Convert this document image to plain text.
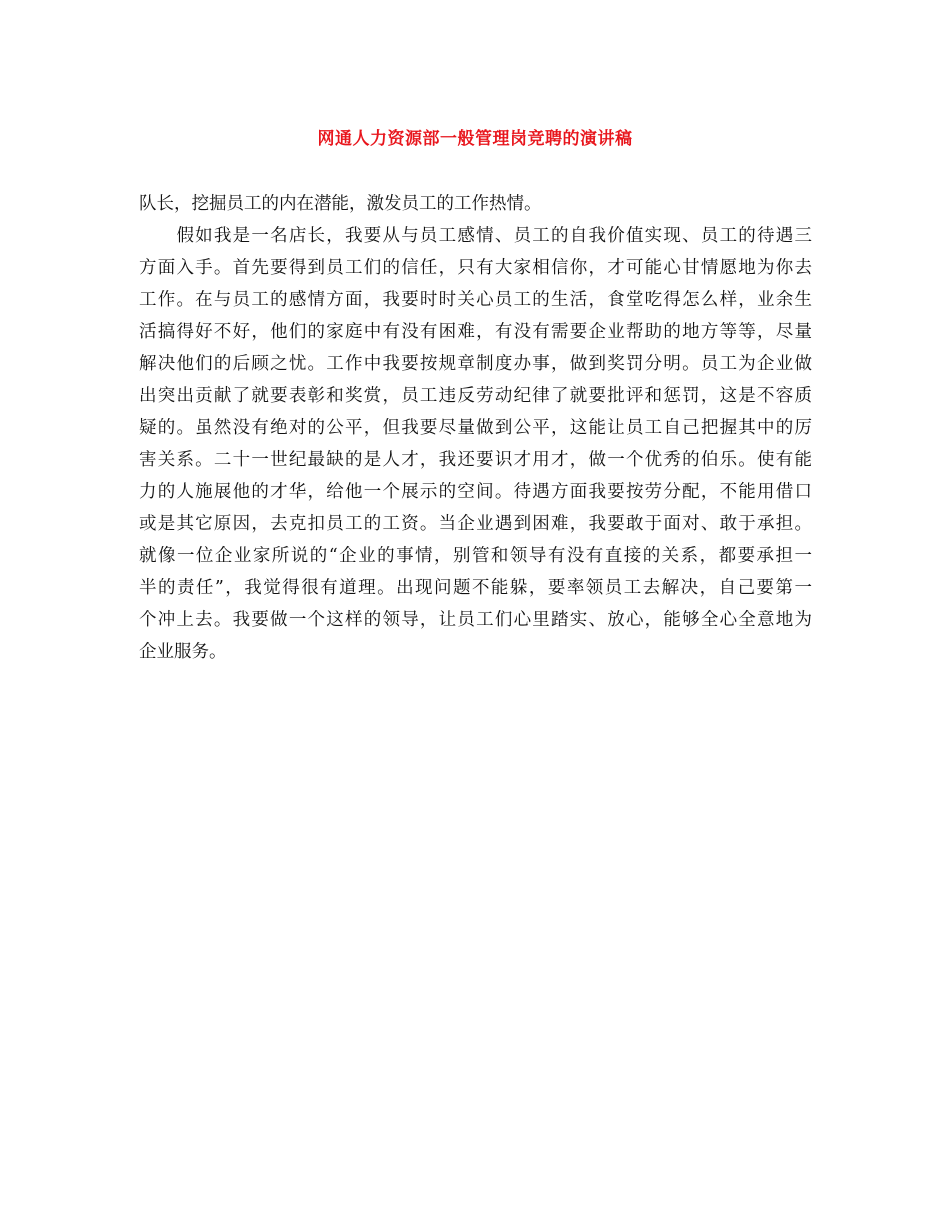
网通人力资源部一般管理岗竞聘的演讲稿
队长，挖掘员工的内在潜能，激发员工的工作热情。
　　假如我是一名店长，我要从与员工感情、员工的自我价值实现、员工的待遇三
方面入手。首先要得到员工们的信任，只有大家相信你，才可能心甘情愿地为你去
工作。在与员工的感情方面，我要时时关心员工的生活，食堂吃得怎么样，业余生
活搞得好不好，他们的家庭中有没有困难，有没有需要企业帮助的地方等等，尽量
解决他们的后顾之忧。工作中我要按规章制度办事，做到奖罚分明。员工为企业做
出突出贡献了就要表彰和奖赏，员工违反劳动纪律了就要批评和惩罚，这是不容质
疑的。虽然没有绝对的公平，但我要尽量做到公平，这能让员工自己把握其中的厉
害关系。二十一世纪最缺的是人才，我还要识才用才，做一个优秀的伯乐。使有能
力的人施展他的才华，给他一个展示的空间。待遇方面我要按劳分配，不能用借口
或是其它原因，去克扣员工的工资。当企业遇到困难，我要敢于面对、敢于承担。
就像一位企业家所说的“企业的事情，别管和领导有没有直接的关系，都要承担一
半的责任”，我觉得很有道理。出现问题不能躲，要率领员工去解决，自己要第一
个冲上去。我要做一个这样的领导，让员工们心里踏实、放心，能够全心全意地为
企业服务。
